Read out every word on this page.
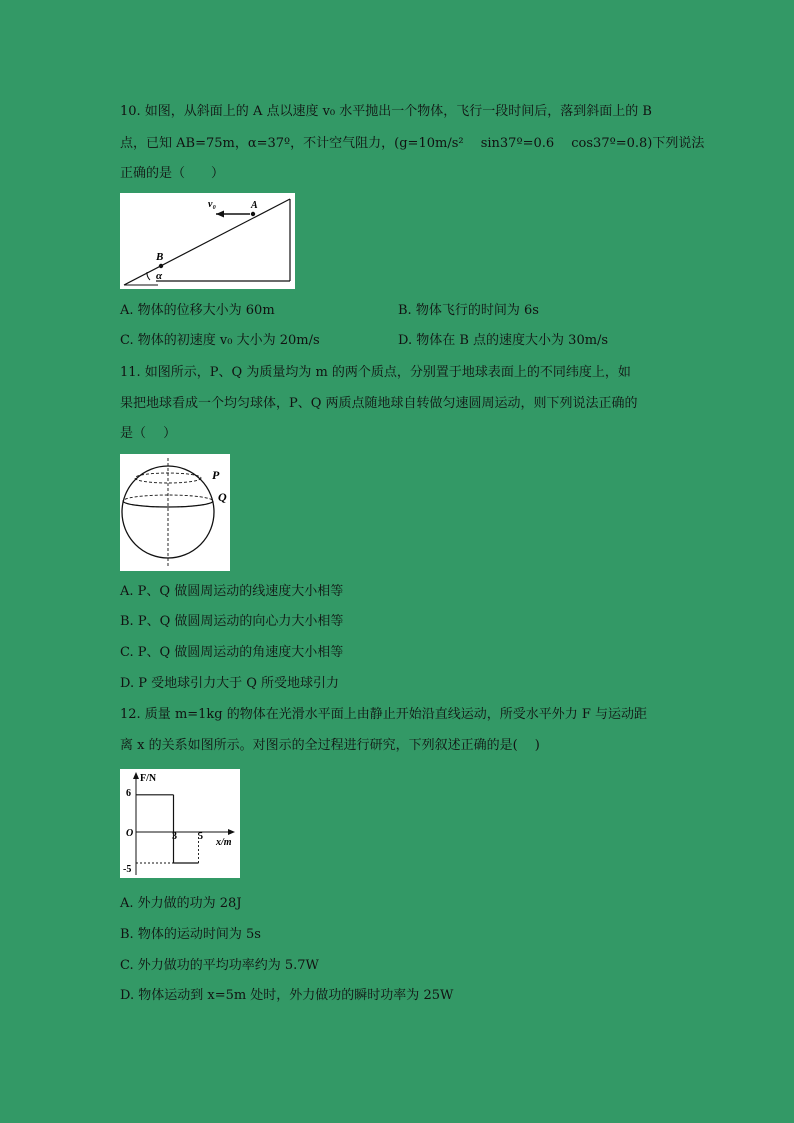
10. 如图，从斜面上的 A 点以速度 v₀ 水平抛出一个物体，飞行一段时间后，落到斜面上的 B
点，已知 AB=75m，α=37º，不计空气阻力，(g=10m/s²　 sin37º=0.6　 cos37º=0.8)下列说法
正确的是（　　）
v₀	A
B
α
A. 物体的位移大小为 60m	B. 物体飞行的时间为 6s
C. 物体的初速度 v₀ 大小为 20m/s	D. 物体在 B 点的速度大小为 30m/s
11. 如图所示，P、Q 为质量均为 m 的两个质点，分别置于地球表面上的不同纬度上，如
果把地球看成一个均匀球体，P、Q 两质点随地球自转做匀速圆周运动，则下列说法正确的
是（　 ）
P
Q
A. P、Q 做圆周运动的线速度大小相等
B. P、Q 做圆周运动的向心力大小相等
C. P、Q 做圆周运动的角速度大小相等
D. P 受地球引力大于 Q 所受地球引力
12. 质量 m=1kg 的物体在光滑水平面上由静止开始沿直线运动，所受水平外力 F 与运动距
离 x 的关系如图所示。对图示的全过程进行研究，下列叙述正确的是(　 )
F/N
x/m
O
6
-5
3 5
A. 外力做的功为 28J
B. 物体的运动时间为 5s
C. 外力做功的平均功率约为 5.7W
D. 物体运动到 x=5m 处时，外力做功的瞬时功率为 25W
